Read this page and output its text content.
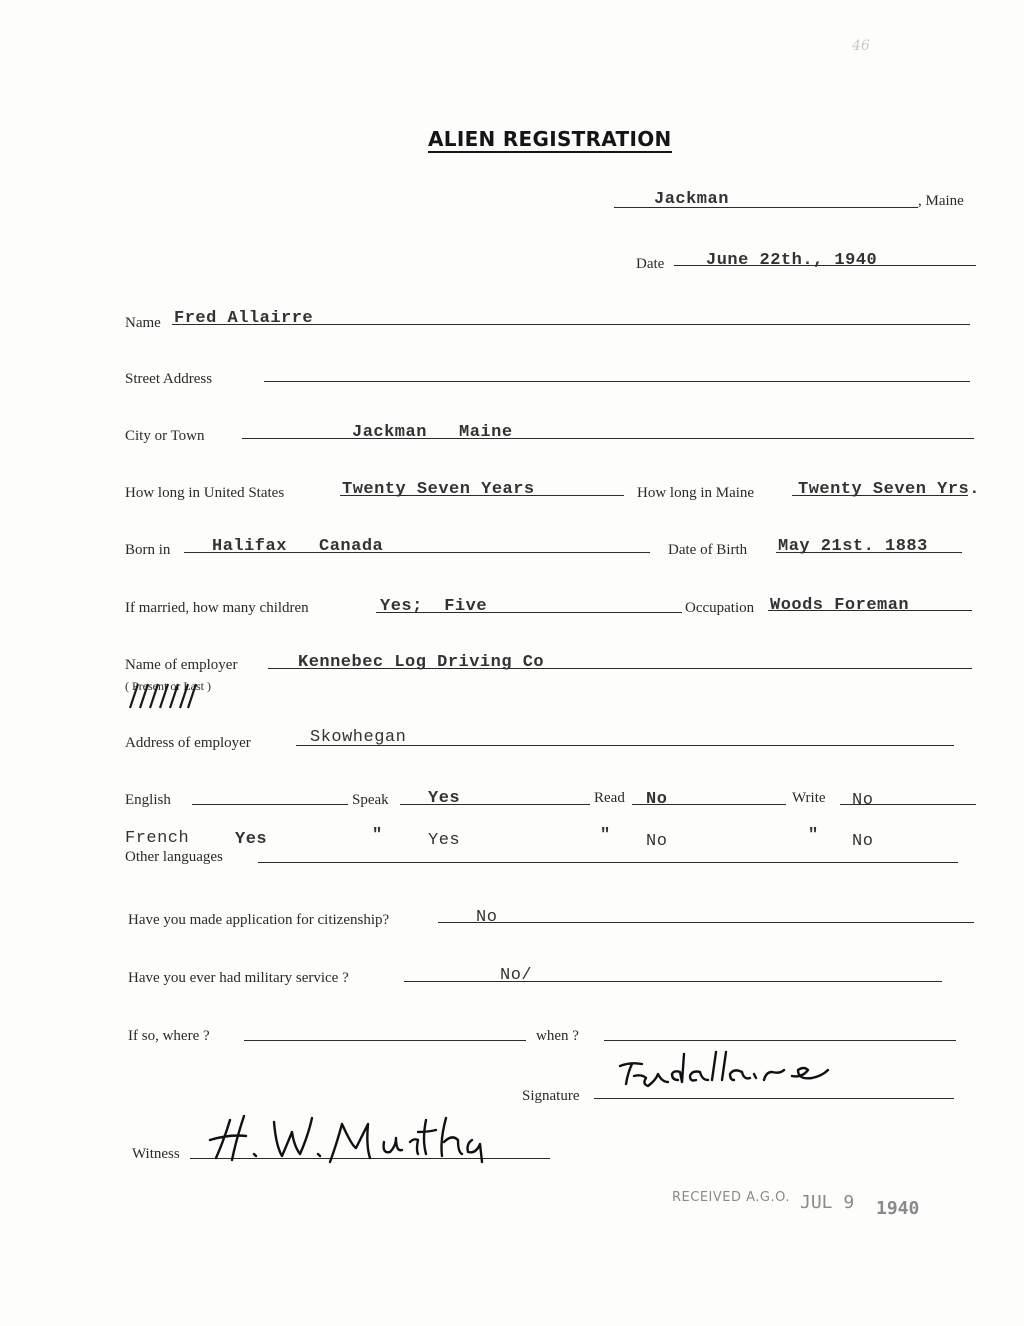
46
ALIEN REGISTRATION
Jackman	, Maine
Date June 22th., 1940
Name Fred Allairre
Street Address
City or Town	Jackman   Maine
How long in United States	Twenty Seven Years	How long in Maine	Twenty Seven Yrs.
Born in Halifax   Canada	Date of Birth May 21st. 1883
If married, how many children	Yes;  Five	Occupation Woods Foreman
Name of employer
( Present or Last )
Kennebec Log Driving Co
Address of employer	Skowhegan
English	Speak Yes	Read No	Write No
French	Yes	"	Yes	" No	" No
Other languages
Have you made application for citizenship?	No
Have you ever had military service ?	No/
If so, where ?	when ?
Signature
Witness
RECEIVED A.G.O. JUL 9 1940
